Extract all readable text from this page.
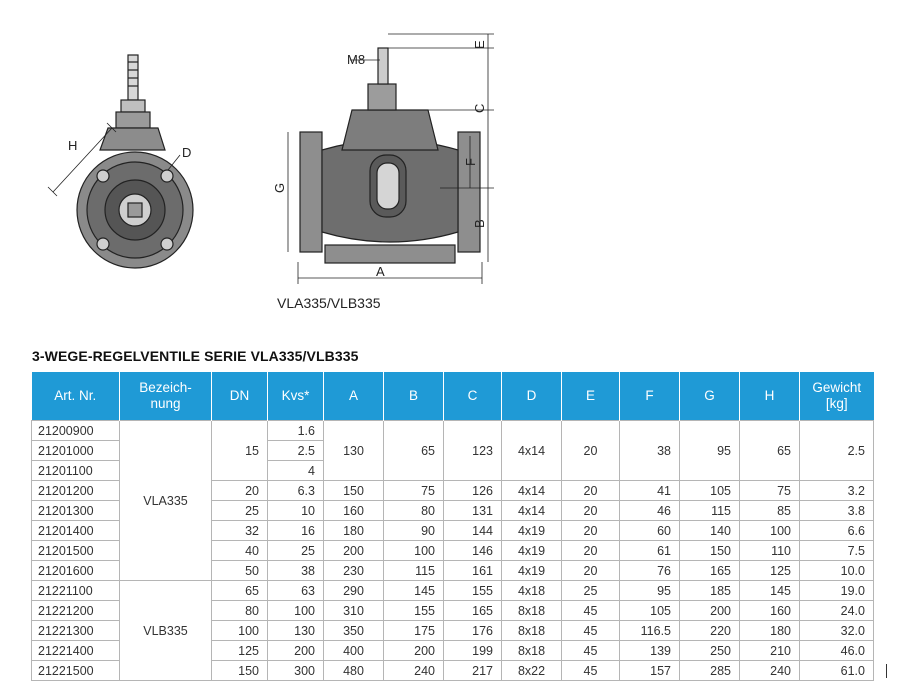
H	D
M8
E
C
F
B
G
A
VLA335/VLB335
3-WEGE-REGELVENTILE SERIE VLA335/VLB335
Art. Nr.	Bezeich-
nung	DN	Kvs*	A	B	C	D	E	F	G	H	Gewicht
[kg]
21200900	VLA335	15	1.6	130	65	123	4x14	20	38	95	65	2.5
21201000			2.5									
21201100			4									
21201200		20	6.3	150	75	126	4x14	20	41	105	75	3.2
21201300		25	10	160	80	131	4x14	20	46	115	85	3.8
21201400		32	16	180	90	144	4x19	20	60	140	100	6.6
21201500		40	25	200	100	146	4x19	20	61	150	110	7.5
21201600		50	38	230	115	161	4x19	20	76	165	125	10.0
21221100	VLB335	65	63	290	145	155	4x18	25	95	185	145	19.0
21221200		80	100	310	155	165	8x18	45	105	200	160	24.0
21221300		100	130	350	175	176	8x18	45	116.5	220	180	32.0
21221400		125	200	400	200	199	8x18	45	139	250	210	46.0
21221500		150	300	480	240	217	8x22	45	157	285	240	61.0
